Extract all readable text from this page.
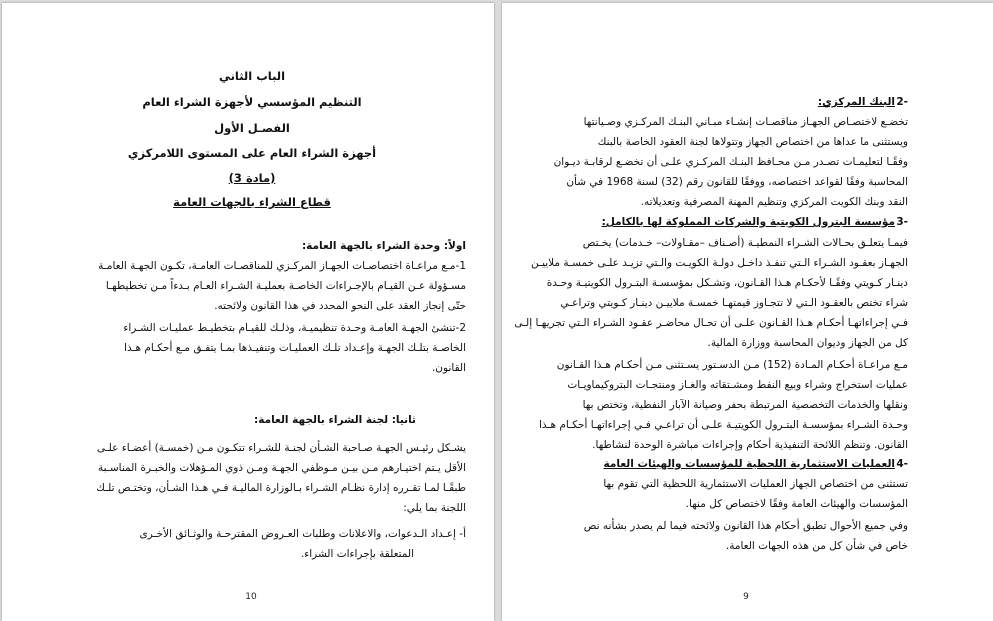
الباب الثاني
التنظيم المؤسسي لأجهزة الشراء العام
الفصـل الأول
أجهزة الشراء العام على المستوى اللامركزي
(مادة 3)
قطاع الشراء بالجهات العامة
اولاً: وحدة الشراء بالجهة العامة:
1-مـع مراعـاة اختصاصـات الجهـاز المركـزي للمناقصـات العامـة، تكـون الجهـة العامـة
مسـؤولة عـن القيـام بالإجـراءات الخاصـة بعمليـة الشـراء العـام بـدءاً مـن تخطيطهـا
حتّى إنجاز العقد على النحو المحدد في هذا القانون ولائحته.
2-تنشئ الجهـة العامـة وحـدة تنظيميـة، وذلـك للقيـام بتخطيـط عمليـات الشـراء
الخاصـة بتلـك الجهـة وإعـداد تلـك العمليـات وتنفيـذها بمـا يتفـق مـع أحكـام هـذا
القانون.
ثانيا: لجنة الشراء بالجهة العامة:
يشـكل رئيـس الجهـة صـاحبة الشـأن لجنـة للشـراء تتكـون مـن (خمسـة) أعضـاء علـى
الأقل يـتم اختيـارهم مـن بيـن مـوظفي الجهـة ومـن ذوي المـؤهلات والخبـرة المناسـبة
طبقًـا لمـا تقـرره إدارة نظـام الشـراء بـالوزارة الماليـة فـي هـذا الشـأن، وتختـص تلـك
اللجنة بما يلي:
أ- إعـداد الـدعوات، والاعلانات وطلبات العـروض المقترحـة والوثـائق الأخـرى
المتعلقة بإجراءات الشراء.
10
2-
البنك المركزي:
تخضـع لاختصـاص الجهـاز مناقصـات إنشـاء مبـاني البنـك المركـزي وصـيانتها
ويستثنى ما عداها من اختصاص الجهاز وتتولاها لجنة العقود الخاصة بالبنك
وفقًـا لتعليمـات تصـدر مـن محـافظ البنـك المركـزي علـى أن تخضـع لرقابـة ديـوان
المحاسبة وفقًا لقواعد اختصاصه، ووفقًا للقانون رقم (32) لسنة 1968 في شأن
النقد وبنك الكويت المركزي وتنظيم المهنة المصرفية وتعديلاته.
3-
مؤسسة البترول الكويتية والشركات المملوكة لها بالكامل:
فيمـا يتعلـق بحـالات الشـراء النمطيـة (أصـناف –مقـاولات– خـدمات) يخـتص
الجهـاز بعقـود الشـراء الـتي تنفـذ داخـل دولـة الكويـت والـتي تزيـد علـى خمسـة ملاييـن
دينـار كـويتي وفقًـا لأحكـام هـذا القـانون، وتشـكل بمؤسسـة البتـرول الكويتيـة وحـدة
شراء تختص بالعقـود الـتي لا تتجـاوز قيمتهـا خمسـة ملاييـن دينـار كـويتي وتراعـي
فـي إجراءاتهـا أحكـام هـذا القـانون علـى أن تحـال محاضـر عقـود الشـراء الـتي تجريهـا إلـى
كل من الجهاز وديوان المحاسبة ووزارة المالية.
مـع مراعـاة أحكـام المـادة (152) مـن الدسـتور يسـتثنى مـن أحكـام هـذا القـانون
عمليات استخراج وشراء وبيع النفط ومشـتقاته والغـاز ومنتجـات البتروكيماويـات
ونقلها والخدمات التخصصية المرتبطة بحفر وصيانة الآبار النفطية، وتختص بها
وحـدة الشـراء بمؤسسـة البتـرول الكويتيـة علـى أن تراعـي فـي إجراءاتهـا أحكـام هـذا
القانون. وتنظم اللائحة التنفيذية أحكام وإجراءات مباشرة الوحدة لنشاطها.
4-
العمليات الاستثمارية اللحظية للمؤسسات والهيئات العامة
تستثنى من اختصاص الجهاز العمليات الاستثمارية اللحظية التي تقوم بها
المؤسسات والهيئات العامة وفقًا لاختصاص كل منها.
وفي جميع الأحوال تطبق أحكام هذا القانون ولائحته فيما لم يصدر بشأنه نص
خاص في شأن كل من هذه الجهات العامة.
9
